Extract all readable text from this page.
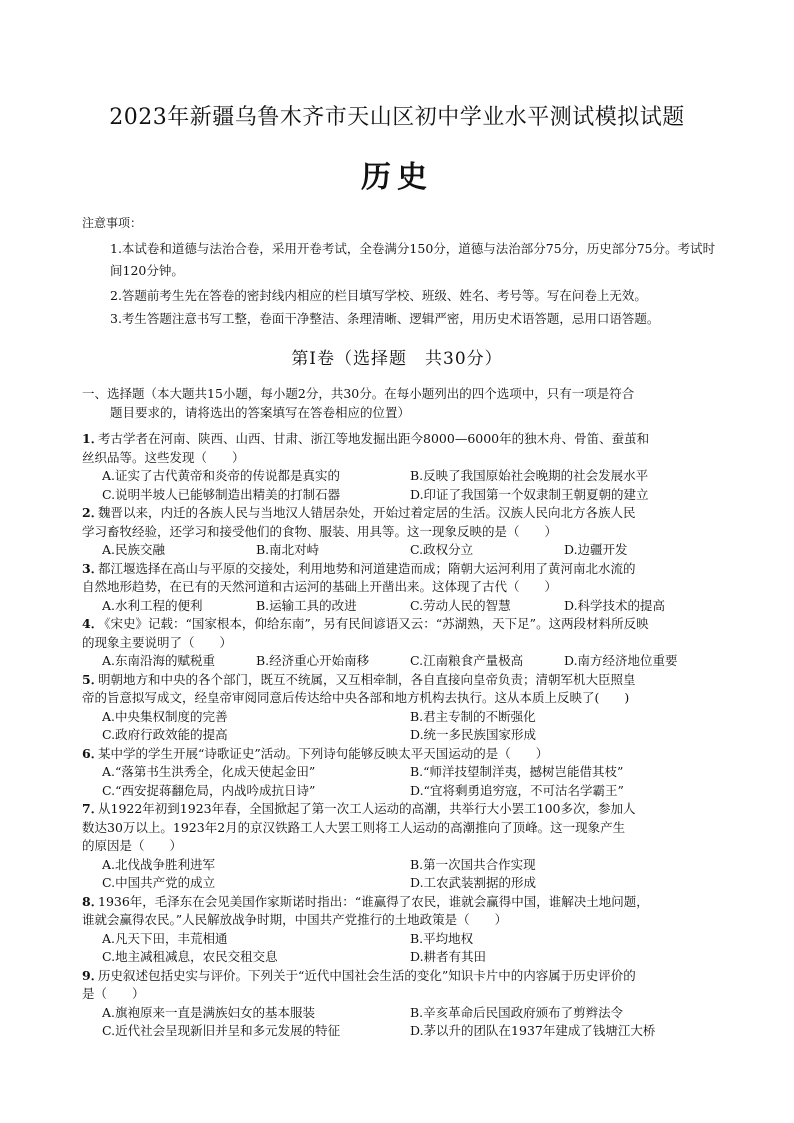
2023年新疆乌鲁木齐市天山区初中学业水平测试模拟试题
历史
注意事项：
1.本试卷和道德与法治合卷，采用开卷考试，全卷满分150分，道德与法治部分75分，历史部分75分。考试时间120分钟。
2.答题前考生先在答卷的密封线内相应的栏目填写学校、班级、姓名、考号等。写在问卷上无效。
3.考生答题注意书写工整，卷面干净整洁、条理清晰、逻辑严密，用历史术语答题，忌用口语答题。
第I卷（选择题　共30分）
一、选择题（本大题共15小题，每小题2分，共30分。在每小题列出的四个选项中，只有一项是符合
题目要求的，请将选出的答案填写在答卷相应的位置）
1．考古学者在河南、陕西、山西、甘肃、浙江等地发掘出距今8000—6000年的独木舟、骨笛、蚕茧和
丝织品等。这些发现（　　）
A.证实了古代黄帝和炎帝的传说都是真实的	B.反映了我国原始社会晚期的社会发展水平
C.说明半坡人已能够制造出精美的打制石器	D.印证了我国第一个奴隶制王朝夏朝的建立
2．魏晋以来，内迁的各族人民与当地汉人错居杂处，开始过着定居的生活。汉族人民向北方各族人民
学习畜牧经验，还学习和接受他们的食物、服装、用具等。这一现象反映的是（　　）
A.民族交融	B.南北对峙	C.政权分立	D.边疆开发
3．都江堰选择在高山与平原的交接处，利用地势和河道建造而成；隋朝大运河利用了黄河南北水流的
自然地形趋势，在已有的天然河道和古运河的基础上开凿出来。这体现了古代（　　）
A.水利工程的便利	B.运输工具的改进	C.劳动人民的智慧	D.科学技术的提高
4．《宋史》记载：“国家根本，仰给东南”，另有民间谚语又云：“苏湖熟，天下足”。这两段材料所反映
的现象主要说明了（　　）
A.东南沿海的赋税重	B.经济重心开始南移	C.江南粮食产量极高	D.南方经济地位重要
5．明朝地方和中央的各个部门，既互不统属，又互相牵制，各自直接向皇帝负责；清朝军机大臣照皇
帝的旨意拟写成文，经皇帝审阅同意后传达给中央各部和地方机构去执行。这从本质上反映了(　　)
A.中央集权制度的完善	B.君主专制的不断强化
C.政府行政效能的提高	D.统一多民族国家形成
6．某中学的学生开展“诗歌证史”活动。下列诗句能够反映太平天国运动的是（　　）
A.“落第书生洪秀全，化成天使起金田”	B.“师洋技望制洋夷，撼树岂能借其枝”
C.“西安捉蒋翻危局，内战吟成抗日诗”	D.“宜将剩勇追穷寇，不可沽名学霸王”
7．从1922年初到1923年春，全国掀起了第一次工人运动的高潮，共举行大小罢工100多次，参加人
数达30万以上。1923年2月的京汉铁路工人大罢工则将工人运动的高潮推向了顶峰。这一现象产生
的原因是（　　）
A.北伐战争胜利进军	B.第一次国共合作实现
C.中国共产党的成立	D.工农武装割据的形成
8．1936年，毛泽东在会见美国作家斯诺时指出：“谁赢得了农民，谁就会赢得中国，谁解决土地问题，
谁就会赢得农民。”人民解放战争时期，中国共产党推行的土地政策是（　　）
A.凡天下田，丰荒相通	B.平均地权
C.地主减租减息，农民交租交息	D.耕者有其田
9．历史叙述包括史实与评价。下列关于“近代中国社会生活的变化”知识卡片中的内容属于历史评价的
是（　　）
A.旗袍原来一直是满族妇女的基本服装	B.辛亥革命后民国政府颁布了剪辫法令
C.近代社会呈现新旧并呈和多元发展的特征	D.茅以升的团队在1937年建成了钱塘江大桥
